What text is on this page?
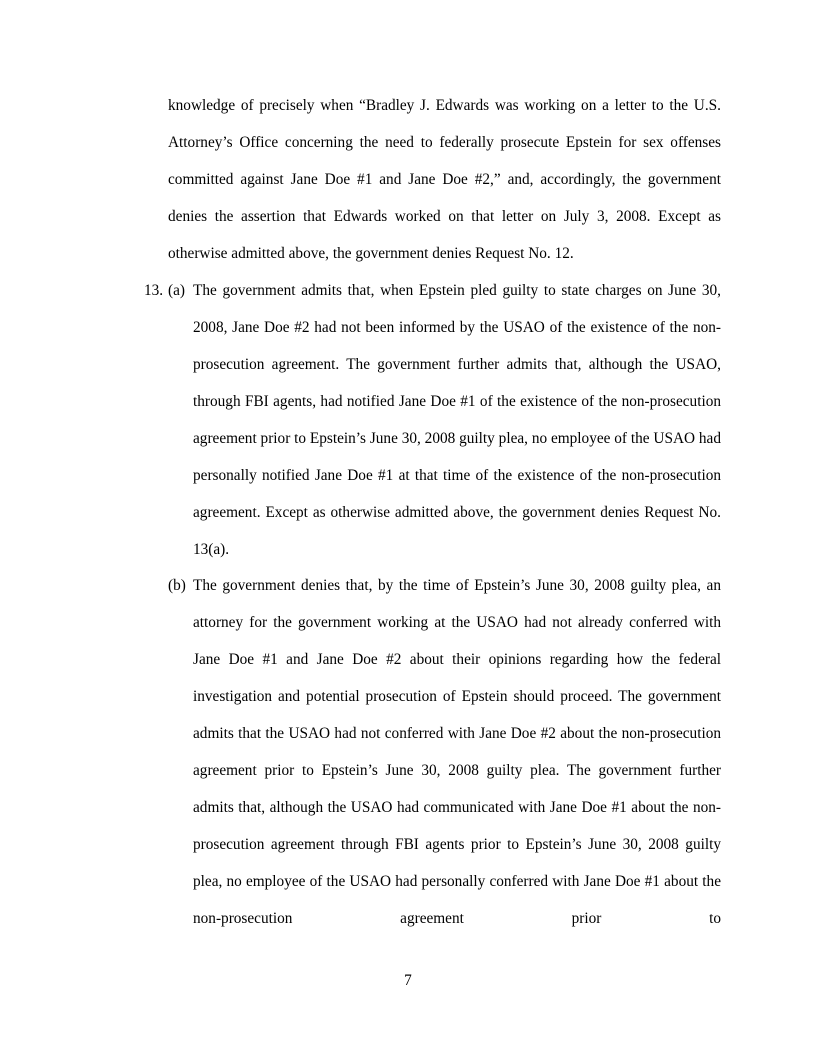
knowledge of precisely when “Bradley J. Edwards was working on a letter to the U.S. Attorney’s Office concerning the need to federally prosecute Epstein for sex offenses committed against Jane Doe #1 and Jane Doe #2,” and, accordingly, the government denies the assertion that Edwards worked on that letter on July 3, 2008. Except as otherwise admitted above, the government denies Request No. 12.

13. (a) The government admits that, when Epstein pled guilty to state charges on June 30, 2008, Jane Doe #2 had not been informed by the USAO of the existence of the non-prosecution agreement. The government further admits that, although the USAO, through FBI agents, had notified Jane Doe #1 of the existence of the non-prosecution agreement prior to Epstein’s June 30, 2008 guilty plea, no employee of the USAO had personally notified Jane Doe #1 at that time of the existence of the non-prosecution agreement. Except as otherwise admitted above, the government denies Request No. 13(a).

(b) The government denies that, by the time of Epstein’s June 30, 2008 guilty plea, an attorney for the government working at the USAO had not already conferred with Jane Doe #1 and Jane Doe #2 about their opinions regarding how the federal investigation and potential prosecution of Epstein should proceed. The government admits that the USAO had not conferred with Jane Doe #2 about the non-prosecution agreement prior to Epstein’s June 30, 2008 guilty plea. The government further admits that, although the USAO had communicated with Jane Doe #1 about the non-prosecution agreement through FBI agents prior to Epstein’s June 30, 2008 guilty plea, no employee of the USAO had personally conferred with Jane Doe #1 about the non-prosecution agreement prior to

7
